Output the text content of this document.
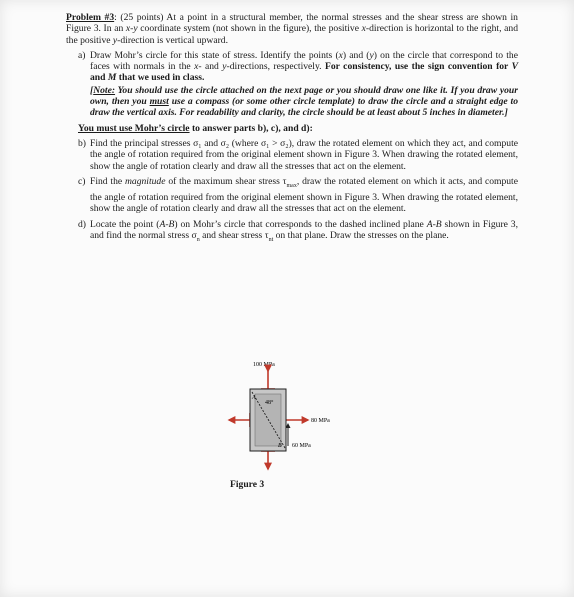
Problem #3: (25 points) At a point in a structural member, the normal stresses and the shear stress are shown in Figure 3. In an x-y coordinate system (not shown in the figure), the positive x-direction is horizontal to the right, and the positive y-direction is vertical upward.

a) Draw Mohr’s circle for this state of stress. Identify the points (x) and (y) on the circle that correspond to the faces with normals in the x- and y-directions, respectively. For consistency, use the sign convention for V and M that we used in class.

[Note: You should use the circle attached on the next page or you should draw one like it. If you draw your own, then you must use a compass (or some other circle template) to draw the circle and a straight edge to draw the vertical axis. For readability and clarity, the circle should be at least about 5 inches in diameter.]

You must use Mohr’s circle to answer parts b), c), and d):

b) Find the principal stresses σ₁ and σ₂ (where σ₁ > σ₂), draw the rotated element on which they act, and compute the angle of rotation required from the original element shown in Figure 3. When drawing the rotated element, show the angle of rotation clearly and draw all the stresses that act on the element.
c) Find the magnitude of the maximum shear stress $\tau_{max}$, draw the rotated element on which it acts, and compute the angle of rotation required from the original element shown in Figure 3. When drawing the rotated element, show the angle of rotation clearly and draw all the stresses that act on the element.
d) Locate the point (A-B) on Mohr’s circle that corresponds to the dashed inclined plane A-B shown in Figure 3, and find the normal stress $\sigma_n$ and shear stress $\tau_{nt}$ on that plane. Draw the stresses on the plane.
100 MPa
A
B
48°
80 MPa
60 MPa
Figure 3
